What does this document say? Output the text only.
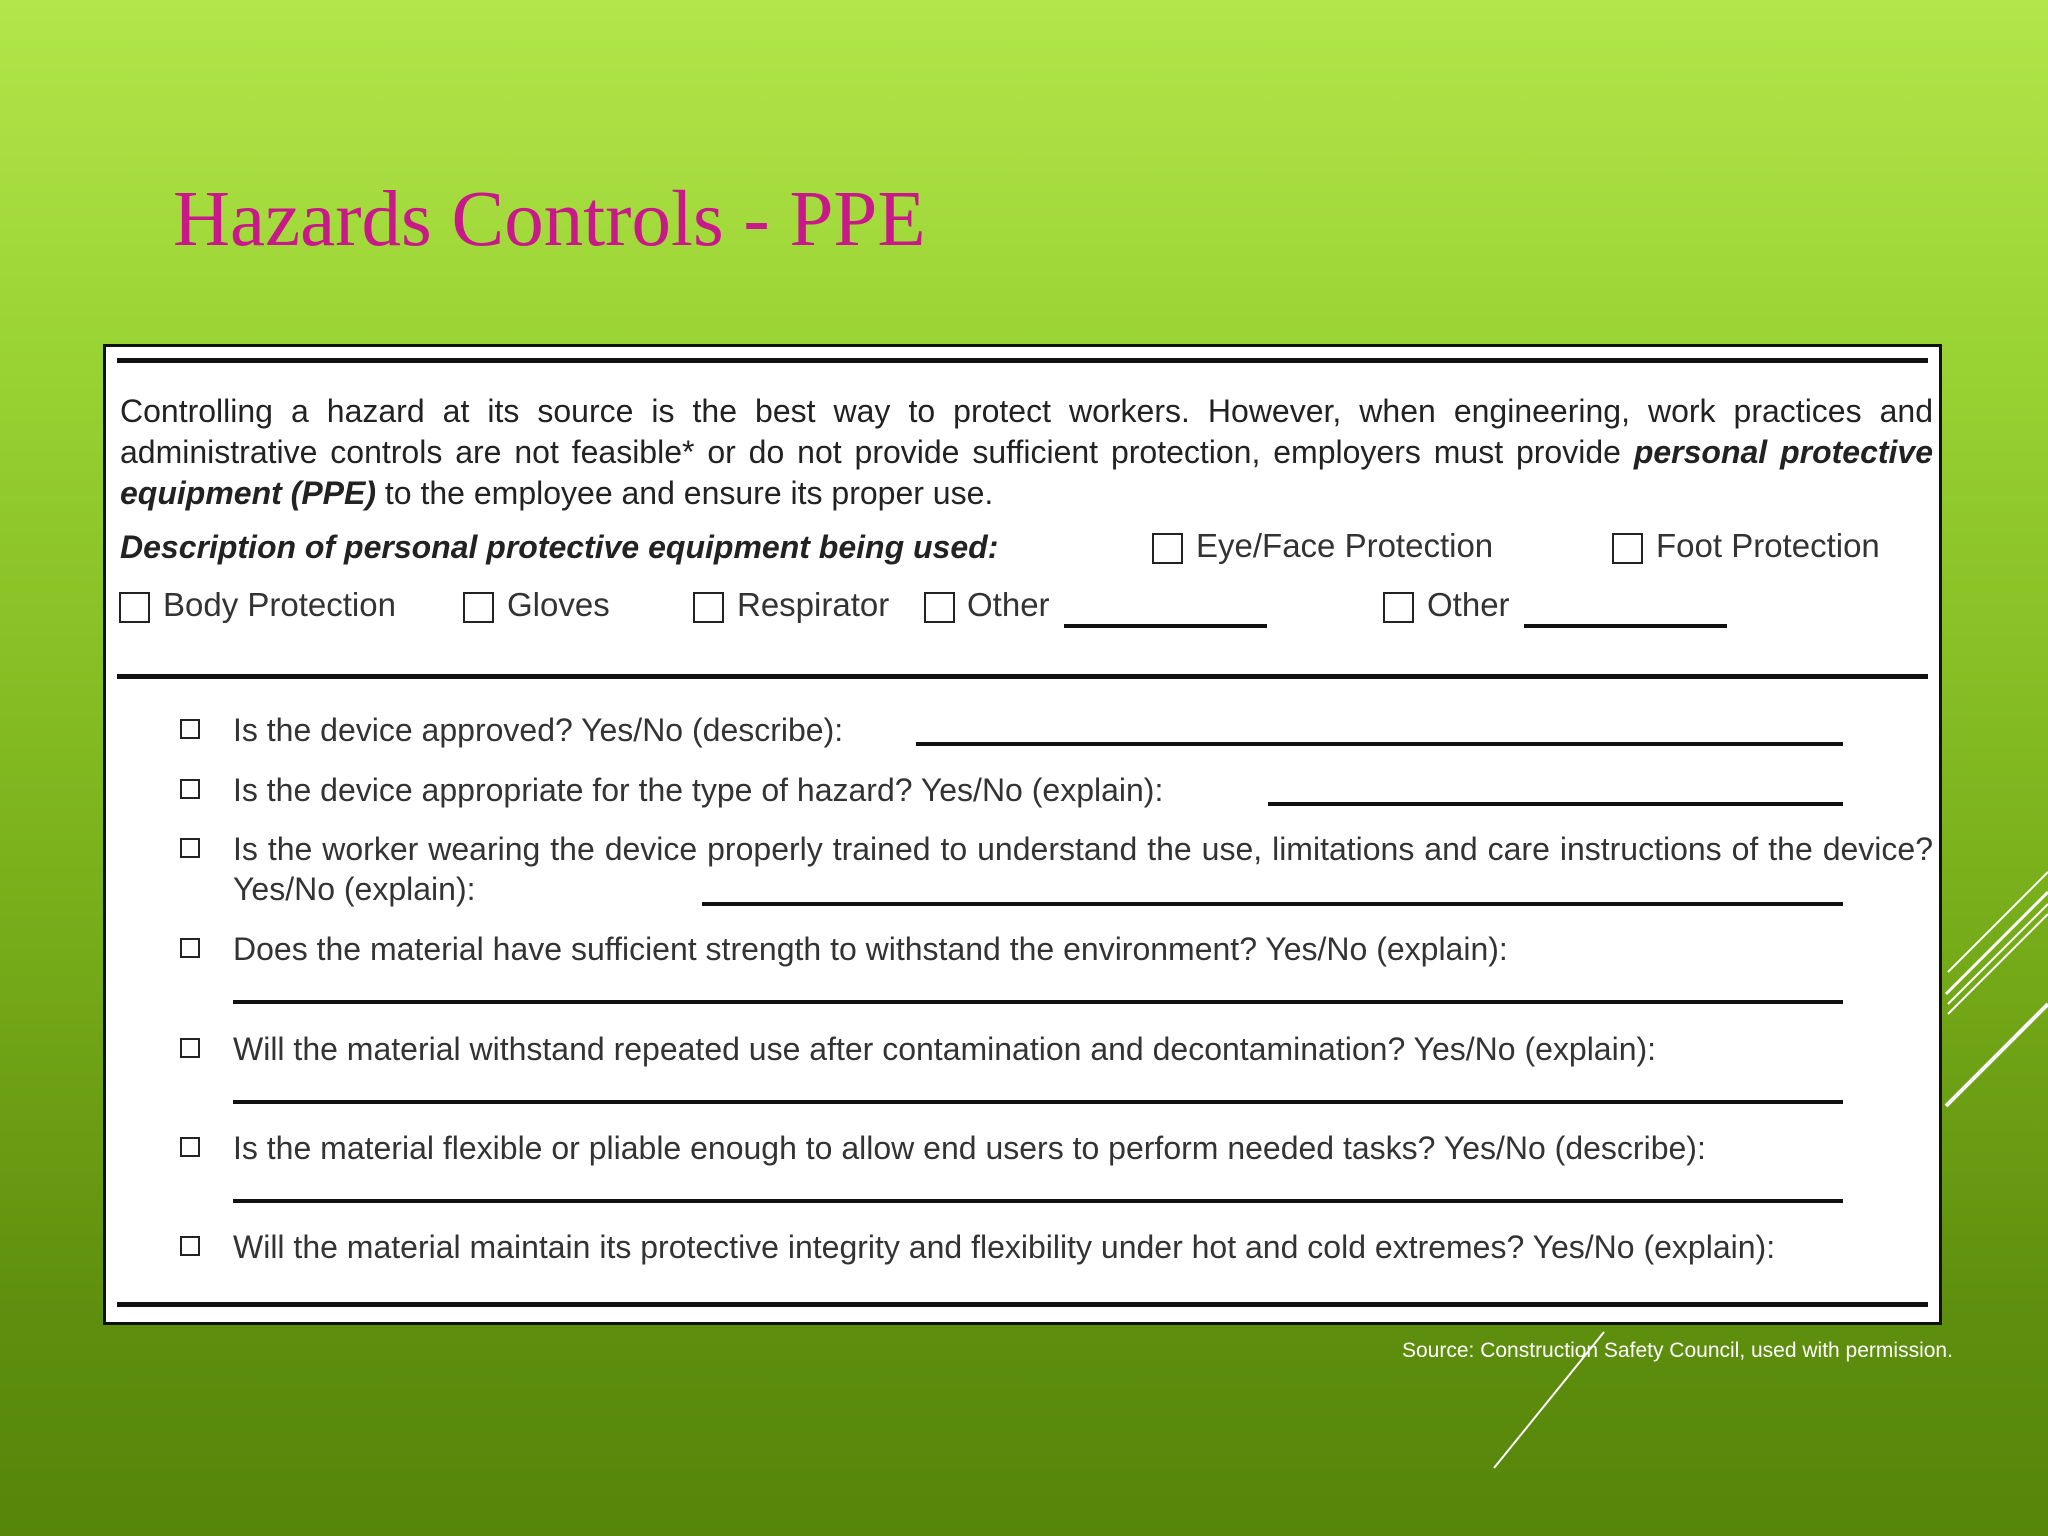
Hazards Controls - PPE

Controlling a hazard at its source is the best way to protect workers. However, when engineering, work practices and administrative controls are not feasible* or do not provide sufficient protection, employers must provide personal protective equipment (PPE) to the employee and ensure its proper use.

Description of personal protective equipment being used:	Eye/Face Protection	Foot Protection
Body Protection	Gloves	Respirator Other	Other
Is the device approved? Yes/No (describe):
Is the device appropriate for the type of hazard? Yes/No (explain):
Is the worker wearing the device properly trained to understand the use, limitations and care instructions of the device? Yes/No (explain):
Does the material have sufficient strength to withstand the environment? Yes/No (explain):
Will the material withstand repeated use after contamination and decontamination? Yes/No (explain):
Is the material flexible or pliable enough to allow end users to perform needed tasks? Yes/No (describe):
Will the material maintain its protective integrity and flexibility under hot and cold extremes? Yes/No (explain):
Source: Construction Safety Council, used with permission.
